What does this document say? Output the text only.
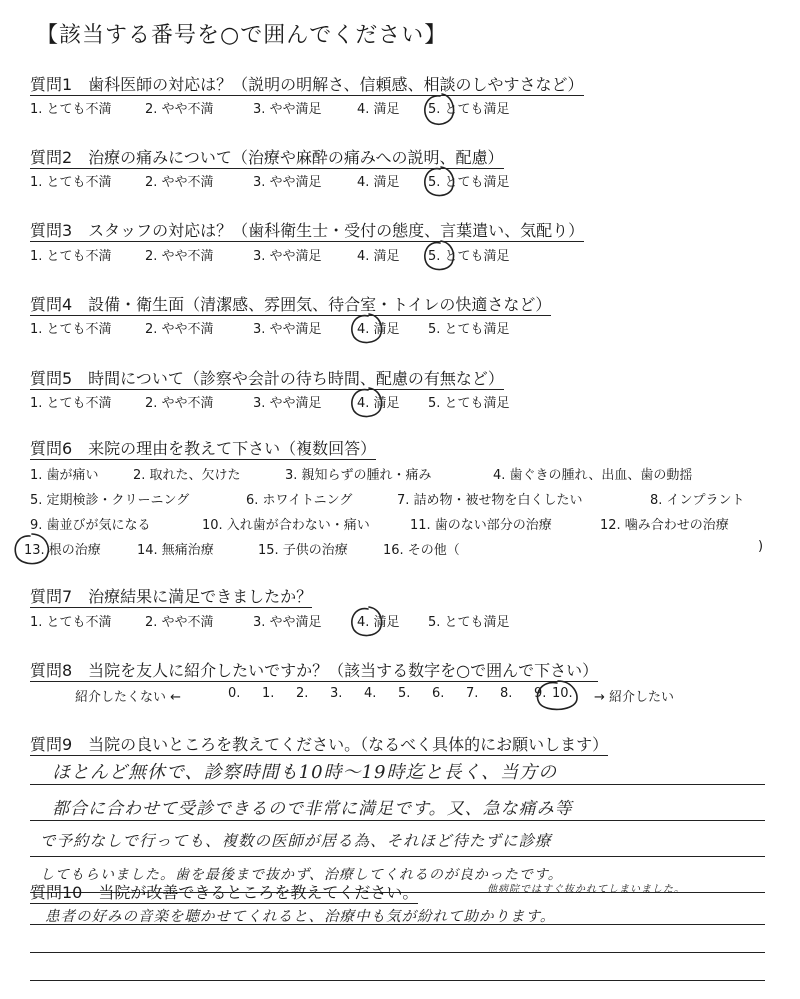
【該当する番号を○で囲んでください】
質問1　歯科医師の対応は？（説明の明解さ、信頼感、相談のしやすさなど）
1. とても不満	2. やや不満	3. やや満足	4. 満足 5. とても満足
質問2　治療の痛みについて（治療や麻酔の痛みへの説明、配慮）
1. とても不満	2. やや不満	3. やや満足	4. 満足 5. とても満足
質問3　スタッフの対応は？（歯科衛生士・受付の態度、言葉遣い、気配り）
1. とても不満	2. やや不満	3. やや満足	4. 満足 5. とても満足
質問4　設備・衛生面（清潔感、雰囲気、待合室・トイレの快適さなど）
1. とても不満	2. やや不満	3. やや満足	4. 満足 5. とても満足
質問5　時間について（診察や会計の待ち時間、配慮の有無など）
1. とても不満	2. やや不満	3. やや満足	4. 満足 5. とても満足
質問6　来院の理由を教えて下さい（複数回答）
1. 歯が痛い	2. 取れた、欠けた	3. 親知らずの腫れ・痛み	4. 歯ぐきの腫れ、出血、歯の動揺
5. 定期検診・クリーニング	6. ホワイトニング	7. 詰め物・被せ物を白くしたい	8. インプラント
9. 歯並びが気になる	10. 入れ歯が合わない・痛い	11. 歯のない部分の治療	12. 噛み合わせの治療
13. 根の治療	14. 無痛治療	15. 子供の治療	16. その他（	)
質問7　治療結果に満足できましたか？
1. とても不満	2. やや不満	3. やや満足	4. 満足 5. とても満足
質問8　当院を友人に紹介したいですか？（該当する数字を○で囲んで下さい）
紹介したくない ←	0. 1. 2. 3. 4. 5. 6. 7. 8. 9. 10. → 紹介したい
質問9　当院の良いところを教えてください。（なるべく具体的にお願いします）
ほとんど無休で、診察時間も10時〜19時迄と長く、当方の
都合に合わせて受診できるので非常に満足です。又、急な痛み等
で予約なしで行っても、複数の医師が居る為、それほど待たずに診療
してもらいました。歯を最後まで抜かず、治療してくれるのが良かったです。
他病院ではすぐ抜かれてしまいました。
質問10　当院が改善できるところを教えてください。
患者の好みの音楽を聴かせてくれると、治療中も気が紛れて助かります。
